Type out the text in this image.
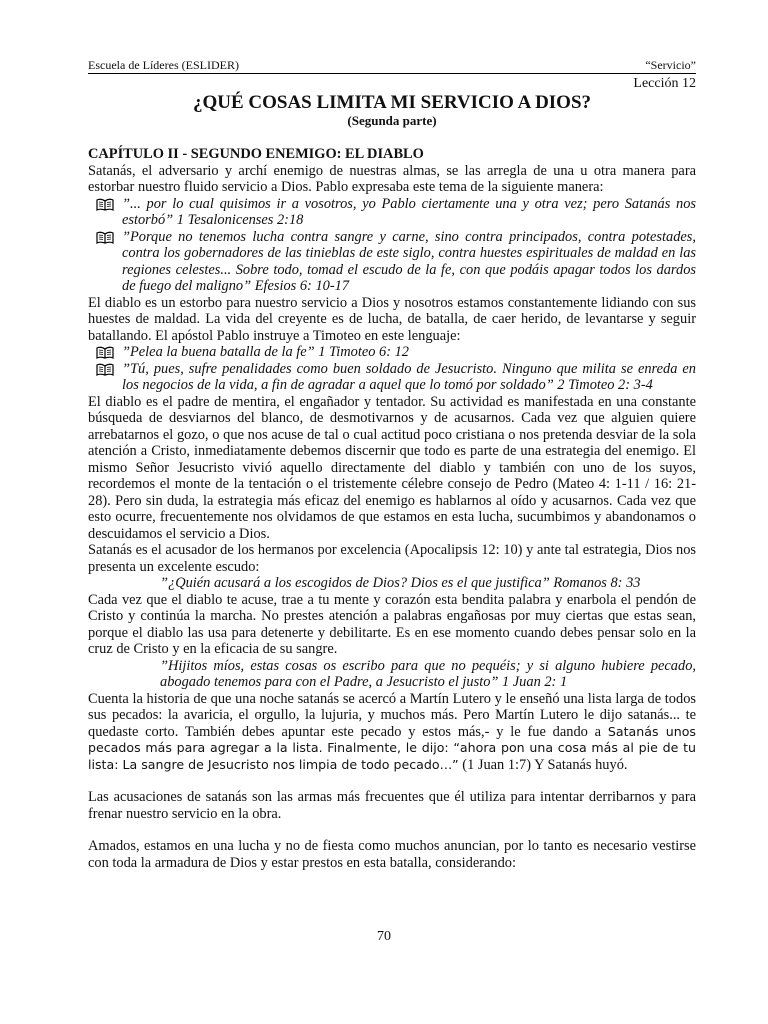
Escuela de Líderes (ESLIDER)	“Servicio”
Lección 12
¿QUÉ COSAS LIMITA MI SERVICIO A DIOS?
(Segunda parte)

CAPÍTULO II - SEGUNDO ENEMIGO: EL DIABLO

Satanás, el adversario y archí enemigo de nuestras almas, se las arregla de una u otra manera para estorbar nuestro fluido servicio a Dios. Pablo expresaba este tema de la siguiente manera:

”... por lo cual quisimos ir a vosotros, yo Pablo ciertamente una y otra vez; pero Satanás nos estorbó” 1 Tesalonicenses 2:18
”Porque no tenemos lucha contra sangre y carne, sino contra principados, contra potestades, contra los gobernadores de las tinieblas de este siglo, contra huestes espirituales de maldad en las regiones celestes... Sobre todo, tomad el escudo de la fe, con que podáis apagar todos los dardos de fuego del maligno” Efesios 6: 10-17

El diablo es un estorbo para nuestro servicio a Dios y nosotros estamos constantemente lidiando con sus huestes de maldad. La vida del creyente es de lucha, de batalla, de caer herido, de levantarse y seguir batallando. El apóstol Pablo instruye a Timoteo en este lenguaje:

”Pelea la buena batalla de la fe” 1 Timoteo 6: 12
”Tú, pues, sufre penalidades como buen soldado de Jesucristo. Ninguno que milita se enreda en los negocios de la vida, a fin de agradar a aquel que lo tomó por soldado” 2 Timoteo 2: 3-4

El diablo es el padre de mentira, el engañador y tentador. Su actividad es manifestada en una constante búsqueda de desviarnos del blanco, de desmotivarnos y de acusarnos. Cada vez que alguien quiere arrebatarnos el gozo, o que nos acuse de tal o cual actitud poco cristiana o nos pretenda desviar de la sola atención a Cristo, inmediatamente debemos discernir que todo es parte de una estrategia del enemigo. El mismo Señor Jesucristo vivió aquello directamente del diablo y también con uno de los suyos, recordemos el monte de la tentación o el tristemente célebre consejo de Pedro (Mateo 4: 1-11 / 16: 21-28). Pero sin duda, la estrategia más eficaz del enemigo es hablarnos al oído y acusarnos. Cada vez que esto ocurre, frecuentemente nos olvidamos de que estamos en esta lucha, sucumbimos y abandonamos o descuidamos el servicio a Dios.

Satanás es el acusador de los hermanos por excelencia (Apocalipsis 12: 10) y ante tal estrategia, Dios nos presenta un excelente escudo:

”¿Quién acusará a los escogidos de Dios? Dios es el que justifica” Romanos 8: 33

Cada vez que el diablo te acuse, trae a tu mente y corazón esta bendita palabra y enarbola el pendón de Cristo y continúa la marcha. No prestes atención a palabras engañosas por muy ciertas que estas sean, porque el diablo las usa para detenerte y debilitarte. Es en ese momento cuando debes pensar solo en la cruz de Cristo y en la eficacia de su sangre.

”Hijitos míos, estas cosas os escribo para que no pequéis; y si alguno hubiere pecado, abogado tenemos para con el Padre, a Jesucristo el justo” 1 Juan 2: 1

Cuenta la historia de que una noche satanás se acercó a Martín Lutero y le enseñó una lista larga de todos sus pecados: la avaricia, el orgullo, la lujuria, y muchos más. Pero Martín Lutero le dijo satanás... te quedaste corto. También debes apuntar este pecado y estos más,- y le fue dando a Satanás unos pecados más para agregar a la lista. Finalmente, le dijo: “ahora pon una cosa más al pie de tu lista: La sangre de Jesucristo nos limpia de todo pecado…” (1 Juan 1:7) Y Satanás huyó.

Las acusaciones de satanás son las armas más frecuentes que él utiliza para intentar derribarnos y para frenar nuestro servicio en la obra.

Amados, estamos en una lucha y no de fiesta como muchos anuncian, por lo tanto es necesario vestirse con toda la armadura de Dios y estar prestos en esta batalla, considerando:

70
